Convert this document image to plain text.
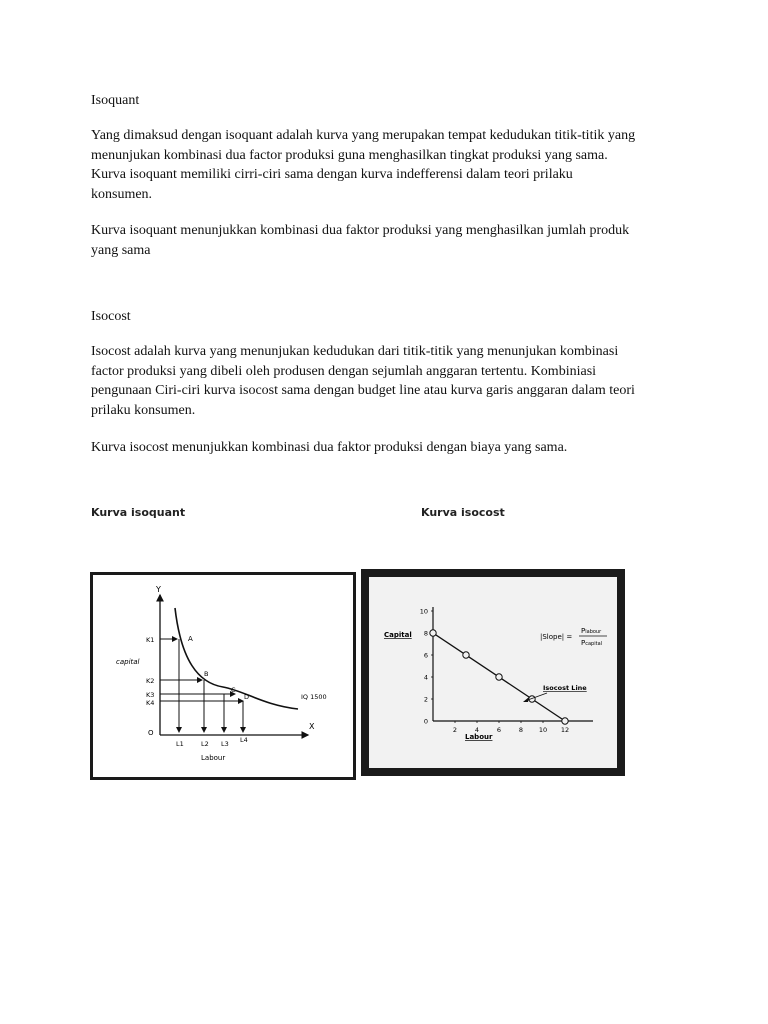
Isoquant

Yang dimaksud dengan isoquant adalah kurva yang merupakan tempat kedudukan titik-titik yang
menunjukan kombinasi dua factor produksi guna menghasilkan tingkat produksi yang sama.
Kurva isoquant memiliki cirri-ciri sama dengan kurva indefferensi dalam teori prilaku
konsumen.

Kurva isoquant menunjukkan kombinasi dua faktor produksi yang menghasilkan jumlah produk
yang sama

Isocost

Isocost adalah kurva yang menunjukan kedudukan dari titik-titik yang menunjukan kombinasi
factor produksi yang dibeli oleh produsen dengan sejumlah anggaran tertentu. Kombiniasi
pengunaan Ciri-ciri kurva isocost sama dengan budget line atau kurva garis anggaran dalam teori
prilaku konsumen.

Kurva isocost menunjukkan kombinasi dua faktor produksi dengan biaya yang sama.

Kurva isoquant	Kurva isocost
Y
X
O
capital
Labour
K1
K2
K3
K4
L1	L2 L3 L4
A
B
C
D	IQ 1500
10
8
6
4
2
0
2	4	6	8 10 12
Capital
Labour
|Slope| =
Plabour
Pcapital
Isocost Line
